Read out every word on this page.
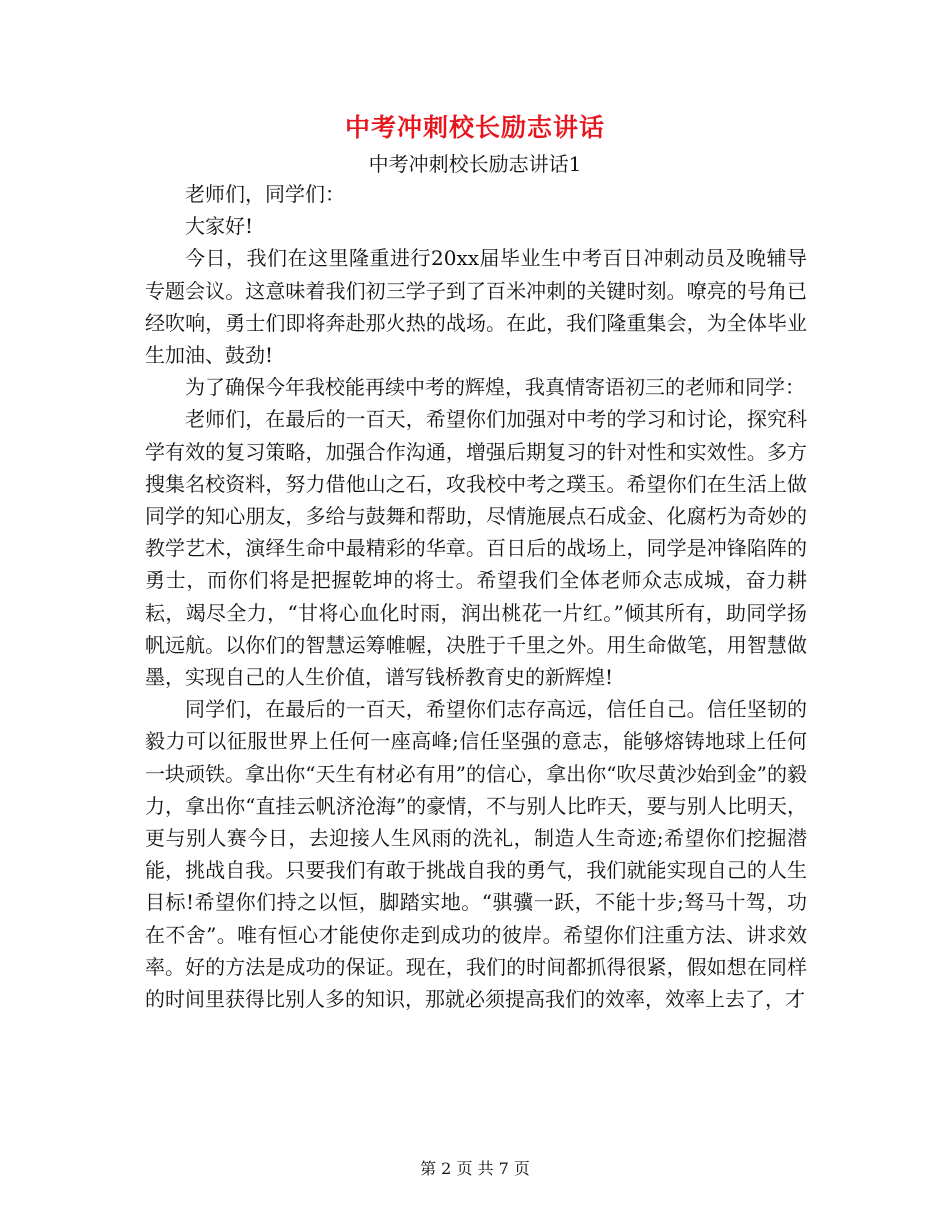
中考冲刺校长励志讲话
中考冲刺校长励志讲话1

老师们，同学们：

大家好!

今日，我们在这里隆重进行20xx届毕业生中考百日冲刺动员及晚辅导专题会议。这意味着我们初三学子到了百米冲刺的关键时刻。嘹亮的号角已经吹响，勇士们即将奔赴那火热的战场。在此，我们隆重集会，为全体毕业生加油、鼓劲!

为了确保今年我校能再续中考的辉煌，我真情寄语初三的老师和同学：

老师们，在最后的一百天，希望你们加强对中考的学习和讨论，探究科学有效的复习策略，加强合作沟通，增强后期复习的针对性和实效性。多方搜集名校资料，努力借他山之石，攻我校中考之璞玉。希望你们在生活上做同学的知心朋友，多给与鼓舞和帮助，尽情施展点石成金、化腐朽为奇妙的教学艺术，演绎生命中最精彩的华章。百日后的战场上，同学是冲锋陷阵的勇士，而你们将是把握乾坤的将士。希望我们全体老师众志成城，奋力耕耘，竭尽全力，“甘将心血化时雨，润出桃花一片红。”倾其所有，助同学扬帆远航。以你们的智慧运筹帷幄，决胜于千里之外。用生命做笔，用智慧做墨，实现自己的人生价值，谱写钱桥教育史的新辉煌!

同学们，在最后的一百天，希望你们志存高远，信任自己。信任坚韧的毅力可以征服世界上任何一座高峰;信任坚强的意志，能够熔铸地球上任何一块顽铁。拿出你“天生有材必有用”的信心，拿出你“吹尽黄沙始到金”的毅力，拿出你“直挂云帆济沧海”的豪情，不与别人比昨天，要与别人比明天，更与别人赛今日，去迎接人生风雨的洗礼，制造人生奇迹;希望你们挖掘潜能，挑战自我。只要我们有敢于挑战自我的勇气，我们就能实现自己的人生目标!希望你们持之以恒，脚踏实地。“骐骥一跃，不能十步;驽马十驾，功在不舍”。唯有恒心才能使你走到成功的彼岸。希望你们注重方法、讲求效率。好的方法是成功的保证。现在，我们的时间都抓得很紧，假如想在同样的时间里获得比别人多的知识，那就必须提高我们的效率，效率上去了，才

第 2 页 共 7 页
